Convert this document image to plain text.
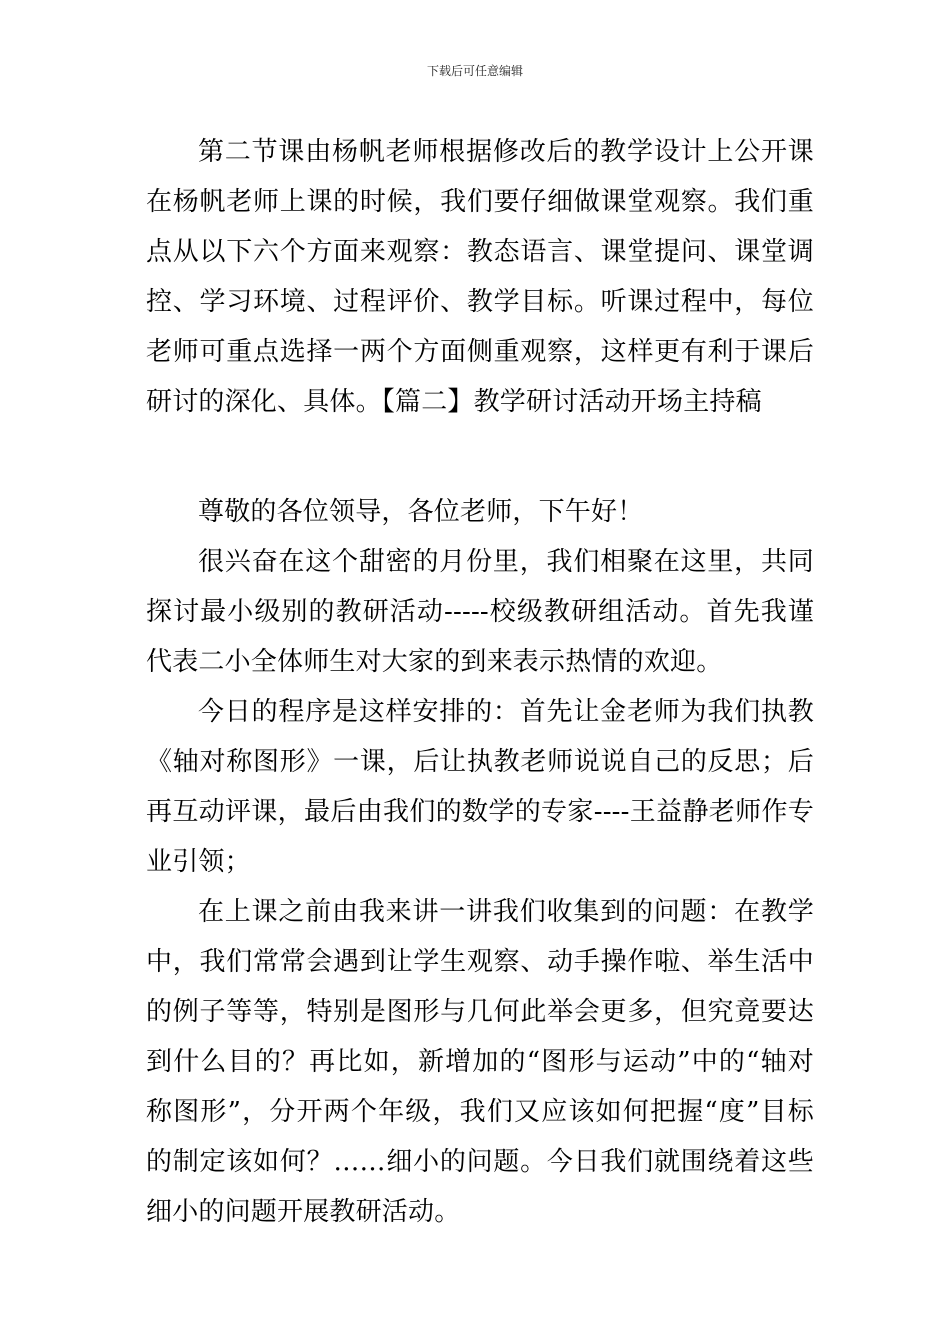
下载后可任意编辑

第二节课由杨帆老师根据修改后的教学设计上公开课在杨帆老师上课的时候，我们要仔细做课堂观察。我们重点从以下六个方面来观察：教态语言、课堂提问、课堂调控、学习环境、过程评价、教学目标。听课过程中，每位老师可重点选择一两个方面侧重观察，这样更有利于课后研讨的深化、具体。【篇二】教学研讨活动开场主持稿

尊敬的各位领导，各位老师，下午好！

很兴奋在这个甜密的月份里，我们相聚在这里，共同探讨最小级别的教研活动-----校级教研组活动。首先我谨代表二小全体师生对大家的到来表示热情的欢迎。

今日的程序是这样安排的：首先让金老师为我们执教《轴对称图形》一课，后让执教老师说说自己的反思；后再互动评课，最后由我们的数学的专家----王益静老师作专业引领；

在上课之前由我来讲一讲我们收集到的问题：在教学中，我们常常会遇到让学生观察、动手操作啦、举生活中的例子等等，特别是图形与几何此举会更多，但究竟要达到什么目的？再比如，新增加的“图形与运动”中的“轴对称图形”，分开两个年级，我们又应该如何把握“度”目标的制定该如何？……细小的问题。今日我们就围绕着这些细小的问题开展教研活动。
